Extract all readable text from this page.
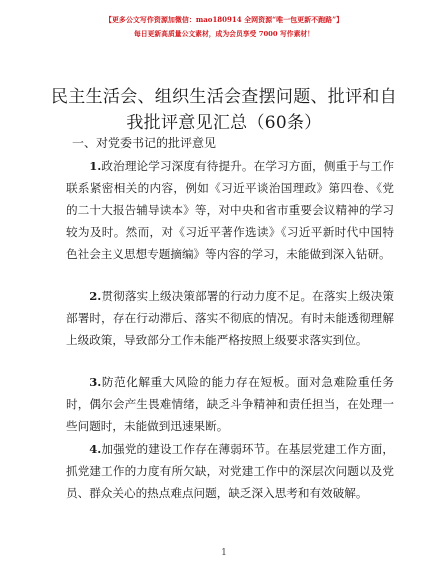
【更多公文写作资源加微信：mao180914 全网资源“唯一包更新不跑路”】
每日更新高质量公文素材，成为会员享受 7000 写作素材！
民主生活会、组织生活会查摆问题、批评和自
我批评意见汇总（60条）
一、对党委书记的批评意见

1.政治理论学习深度有待提升。在学习方面，侧重于与工作联系紧密相关的内容，例如《习近平谈治国理政》第四卷、《党的二十大报告辅导读本》等，对中央和省市重要会议精神的学习较为及时。然而，对《习近平著作选读》《习近平新时代中国特色社会主义思想专题摘编》等内容的学习，未能做到深入钻研。

2.贯彻落实上级决策部署的行动力度不足。在落实上级决策部署时，存在行动滞后、落实不彻底的情况。有时未能透彻理解上级政策，导致部分工作未能严格按照上级要求落实到位。

3.防范化解重大风险的能力存在短板。面对急难险重任务时，偶尔会产生畏难情绪，缺乏斗争精神和责任担当，在处理一些问题时，未能做到迅速果断。

4.加强党的建设工作存在薄弱环节。在基层党建工作方面，抓党建工作的力度有所欠缺，对党建工作中的深层次问题以及党员、群众关心的热点难点问题，缺乏深入思考和有效破解。

1
